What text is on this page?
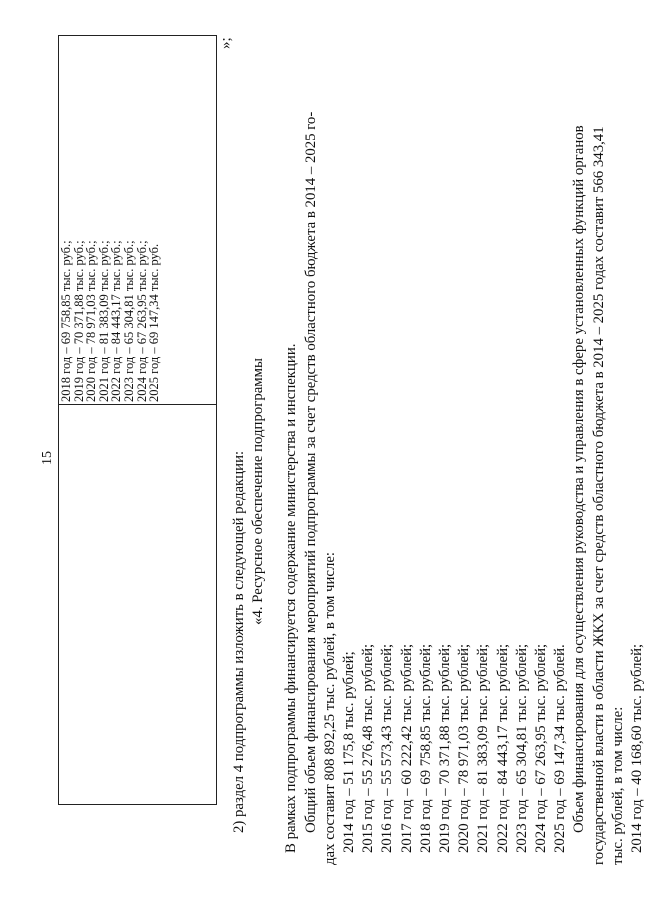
15

2018 год – 69 758,85 тыс. руб.;
2019 год – 70 371,88 тыс. руб.;
2020 год – 78 971,03 тыс. руб.;
2021 год – 81 383,09 тыс. руб.;
2022 год – 84 443,17 тыс. руб.;
2023 год – 65 304,81 тыс. руб.;
2024 год – 67 263,95 тыс. руб.;
2025 год – 69 147,34 тыс. руб.
»;

2) раздел 4 подпрограммы изложить в следующей редакции: «4. Ресурсное обеспечение подпрограммы В рамках подпрограммы финансируется содержание министерства и инспекции. Общий объем финансирования мероприятий подпрограммы за счет средств областного бюджета в 2014 – 2025 го- дах составит 808 892,25 тыс. рублей, в том числе: 2014 год – 51 175,8 тыс. рублей; 2015 год – 55 276,48 тыс. рублей; 2016 год – 55 573,43 тыс. рублей; 2017 год – 60 222,42 тыс. рублей; 2018 год – 69 758,85 тыс. рублей; 2019 год – 70 371,88 тыс. рублей; 2020 год – 78 971,03 тыс. рублей; 2021 год – 81 383,09 тыс. рублей; 2022 год – 84 443,17 тыс. рублей; 2023 год – 65 304,81 тыс. рублей; 2024 год – 67 263,95 тыс. рублей; 2025 год – 69 147,34 тыс. рублей. Объем финансирования для осуществления руководства и управления в сфере установленных функций органов государственной власти в области ЖКХ за счет средств областного бюджета в 2014 – 2025 годах составит 566 343,41 тыс. рублей, в том числе: 2014 год – 40 168,60 тыс. рублей;
